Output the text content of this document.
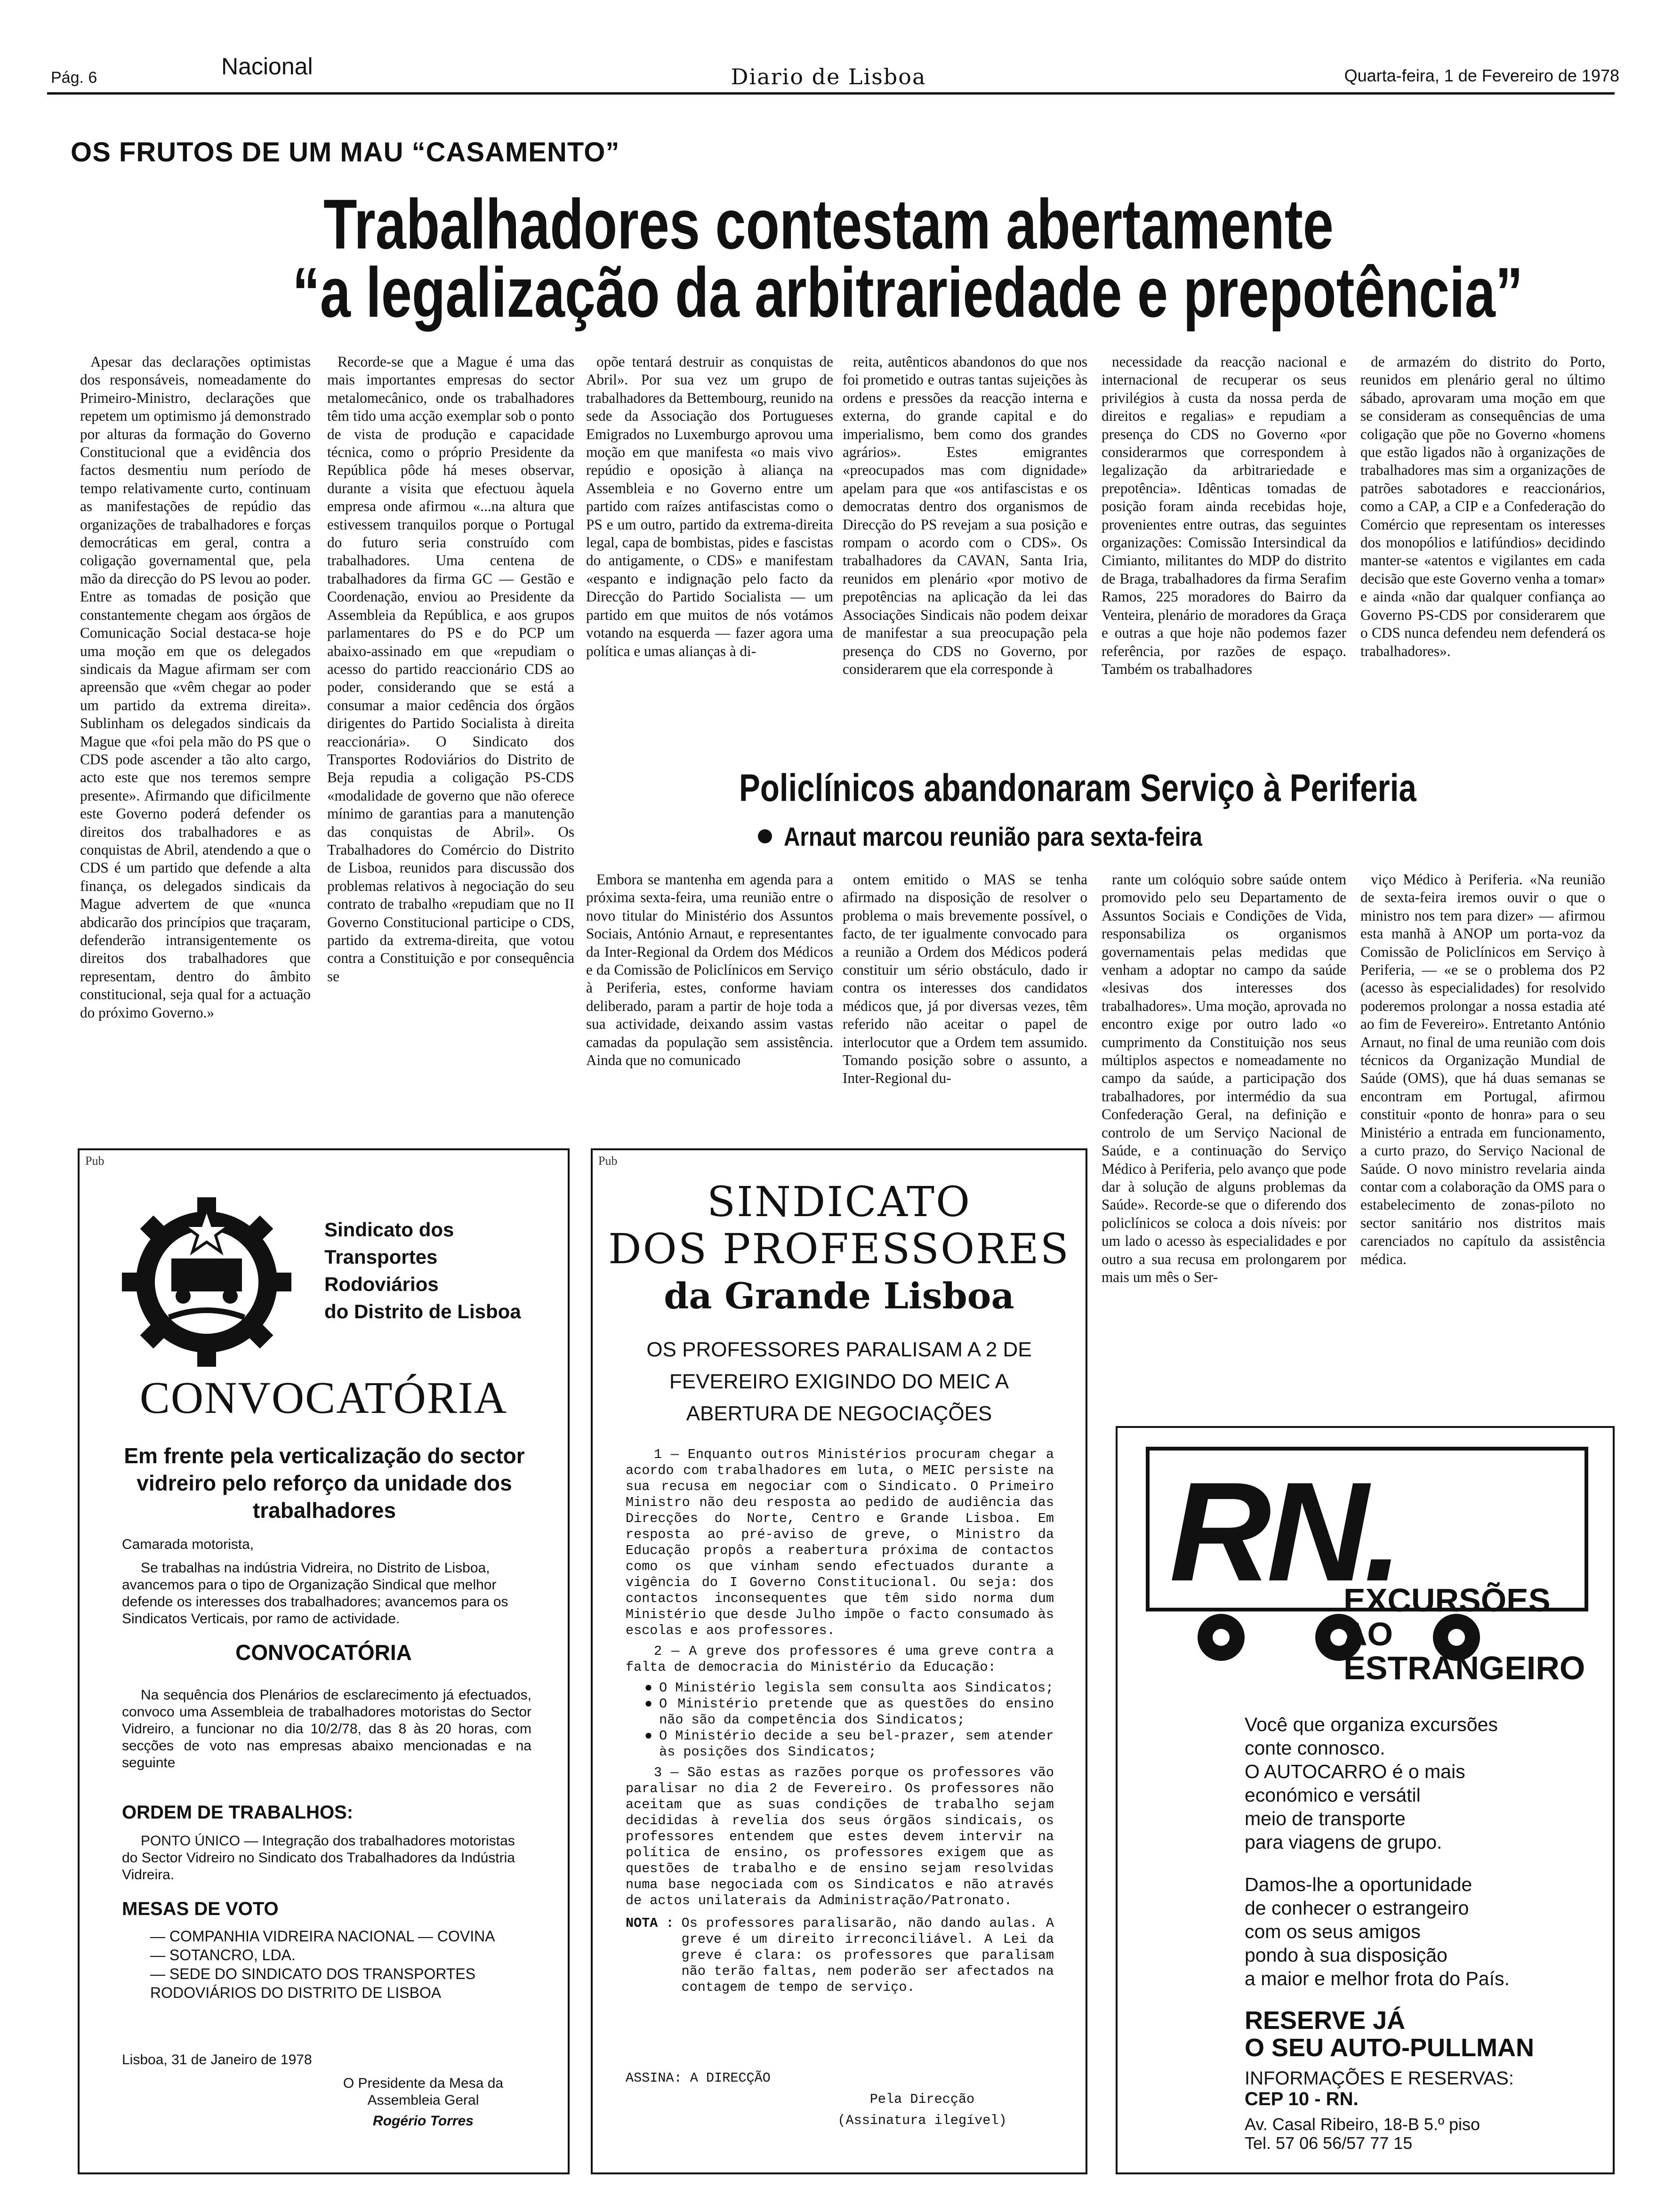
Pág. 6	Nacional	Diario de Lisboa	Quarta-feira, 1 de Fevereiro de 1978
OS FRUTOS DE UM MAU “CASAMENTO”
Trabalhadores contestam abertamente
“a legalização da arbitrariedade e prepotência”

Apesar das declarações optimistas dos responsáveis, nomeadamente do Primeiro-Ministro, declarações que repetem um optimismo já demonstrado por alturas da formação do Governo Constitucional que a evidência dos factos desmentiu num período de tempo relativamente curto, continuam as manifestações de repúdio das organizações de trabalhadores e forças democráticas em geral, contra a coligação governamental que, pela mão da direcção do PS levou ao poder. Entre as tomadas de posição que constantemente chegam aos órgãos de Comunicação Social destaca-se hoje uma moção em que os delegados sindicais da Mague afirmam ser com apreensão que «vêm chegar ao poder um partido da extrema direita». Sublinham os delegados sindicais da Mague que «foi pela mão do PS que o CDS pode ascender a tão alto cargo, acto este que nos teremos sempre presente». Afirmando que dificilmente este Governo poderá defender os direitos dos trabalhadores e as conquistas de Abril, atendendo a que o CDS é um partido que defende a alta finança, os delegados sindicais da Mague advertem de que «nunca abdicarão dos princípios que traçaram, defenderão intransigentemente os direitos dos trabalhadores que representam, dentro do âmbito constitucional, seja qual for a actuação do próximo Governo.»

Recorde-se que a Mague é uma das mais importantes empresas do sector metalomecânico, onde os trabalhadores têm tido uma acção exemplar sob o ponto de vista de produção e capacidade técnica, como o próprio Presidente da República pôde há meses observar, durante a visita que efectuou àquela empresa onde afirmou «...na altura que estivessem tranquilos porque o Portugal do futuro seria construído com trabalhadores. Uma centena de trabalhadores da firma GC — Gestão e Coordenação, enviou ao Presidente da Assembleia da República, e aos grupos parlamentares do PS e do PCP um abaixo-assinado em que «repudiam o acesso do partido reaccionário CDS ao poder, considerando que se está a consumar a maior cedência dos órgãos dirigentes do Partido Socialista à direita reaccionária». O Sindicato dos Transportes Rodoviários do Distrito de Beja repudia a coligação PS-CDS «modalidade de governo que não oferece mínimo de garantias para a manutenção das conquistas de Abril». Os Trabalhadores do Comércio do Distrito de Lisboa, reunidos para discussão dos problemas relativos à negociação do seu contrato de trabalho «repudiam que no II Governo Constitucional participe o CDS, partido da extrema-direita, que votou contra a Constituição e por consequência se

opõe tentará destruir as conquistas de Abril». Por sua vez um grupo de trabalhadores da Bettembourg, reunido na sede da Associação dos Portugueses Emigrados no Luxemburgo aprovou uma moção em que manifesta «o mais vivo repúdio e oposição à aliança na Assembleia e no Governo entre um partido com raízes antifascistas como o PS e um outro, partido da extrema-direita legal, capa de bombistas, pides e fascistas do antigamente, o CDS» e manifestam «espanto e indignação pelo facto da Direcção do Partido Socialista — um partido em que muitos de nós votámos votando na esquerda — fazer agora uma política e umas alianças à di-

reita, autênticos abandonos do que nos foi prometido e outras tantas sujeições às ordens e pressões da reacção interna e externa, do grande capital e do imperialismo, bem como dos grandes agrários». Estes emigrantes «preocupados mas com dignidade» apelam para que «os antifascistas e os democratas dentro dos organismos de Direcção do PS revejam a sua posição e rompam o acordo com o CDS». Os trabalhadores da CAVAN, Santa Iria, reunidos em plenário «por motivo de prepotências na aplicação da lei das Associações Sindicais não podem deixar de manifestar a sua preocupação pela presença do CDS no Governo, por considerarem que ela corresponde à

necessidade da reacção nacional e internacional de recuperar os seus privilégios à custa da nossa perda de direitos e regalias» e repudiam a presença do CDS no Governo «por considerarmos que correspondem à legalização da arbitrariedade e prepotência». Idênticas tomadas de posição foram ainda recebidas hoje, provenientes entre outras, das seguintes organizações: Comissão Intersindical da Cimianto, militantes do MDP do distrito de Braga, trabalhadores da firma Serafim Ramos, 225 moradores do Bairro da Venteira, plenário de moradores da Graça e outras a que hoje não podemos fazer referência, por razões de espaço. Também os trabalhadores

de armazém do distrito do Porto, reunidos em plenário geral no último sábado, aprovaram uma moção em que se consideram as consequências de uma coligação que põe no Governo «homens que estão ligados não à organizações de trabalhadores mas sim a organizações de patrões sabotadores e reaccionários, como a CAP, a CIP e a Confederação do Comércio que representam os interesses dos monopólios e latifúndios» decidindo manter-se «atentos e vigilantes em cada decisão que este Governo venha a tomar» e ainda «não dar qualquer confiança ao Governo PS-CDS por considerarem que o CDS nunca defendeu nem defenderá os trabalhadores».

Policlínicos abandonaram Serviço à Periferia
Arnaut marcou reunião para sexta-feira

Embora se mantenha em agenda para a próxima sexta-feira, uma reunião entre o novo titular do Ministério dos Assuntos Sociais, António Arnaut, e representantes da Inter-Regional da Ordem dos Médicos e da Comissão de Policlínicos em Serviço à Periferia, estes, conforme haviam deliberado, param a partir de hoje toda a sua actividade, deixando assim vastas camadas da população sem assistência. Ainda que no comunicado

ontem emitido o MAS se tenha afirmado na disposição de resolver o problema o mais brevemente possível, o facto, de ter igualmente convocado para a reunião a Ordem dos Médicos poderá constituir um sério obstáculo, dado ir contra os interesses dos candidatos médicos que, já por diversas vezes, têm referido não aceitar o papel de interlocutor que a Ordem tem assumido. Tomando posição sobre o assunto, a Inter-Regional du-

rante um colóquio sobre saúde ontem promovido pelo seu Departamento de Assuntos Sociais e Condições de Vida, responsabiliza os organismos governamentais pelas medidas que venham a adoptar no campo da saúde «lesivas dos interesses dos trabalhadores». Uma moção, aprovada no encontro exige por outro lado «o cumprimento da Constituição nos seus múltiplos aspectos e nomeadamente no campo da saúde, a participação dos trabalhadores, por intermédio da sua Confederação Geral, na definição e controlo de um Serviço Nacional de Saúde, e a continuação do Serviço Médico à Periferia, pelo avanço que pode dar à solução de alguns problemas da Saúde». Recorde-se que o diferendo dos policlínicos se coloca a dois níveis: por um lado o acesso às especialidades e por outro a sua recusa em prolongarem por mais um mês o Ser-

viço Médico à Periferia. «Na reunião de sexta-feira iremos ouvir o que o ministro nos tem para dizer» — afirmou esta manhã à ANOP um porta-voz da Comissão de Policlínicos em Serviço à Periferia, — «e se o problema dos P2 (acesso às especialidades) for resolvido poderemos prolongar a nossa estadia até ao fim de Fevereiro». Entretanto António Arnaut, no final de uma reunião com dois técnicos da Organização Mundial de Saúde (OMS), que há duas semanas se encontram em Portugal, afirmou constituir «ponto de honra» para o seu Ministério a entrada em funcionamento, a curto prazo, do Serviço Nacional de Saúde. O novo ministro revelaria ainda contar com a colaboração da OMS para o estabelecimento de zonas-piloto no sector sanitário nos distritos mais carenciados no capítulo da assistência médica.

Pub
Sindicato dos Transportes
Rodoviários
do Distrito de Lisboa
CONVOCATÓRIA
Em frente pela verticalização do sector vidreiro pelo reforço da unidade dos trabalhadores
Camarada motorista,
Se trabalhas na indústria Vidreira, no Distrito de Lisboa, avancemos para o tipo de Organização Sindical que melhor defende os interesses dos trabalhadores; avancemos para os Sindicatos Verticais, por ramo de actividade.
CONVOCATÓRIA
Na sequência dos Plenários de esclarecimento já efectuados, convoco uma Assembleia de trabalhadores motoristas do Sector Vidreiro, a funcionar no dia 10/2/78, das 8 às 20 horas, com secções de voto nas empresas abaixo mencionadas e na seguinte
ORDEM DE TRABALHOS:
PONTO ÚNICO — Integração dos trabalhadores motoristas do Sector Vidreiro no Sindicato dos Trabalhadores da Indústria Vidreira.
MESAS DE VOTO
— COMPANHIA VIDREIRA NACIONAL — COVINA
— SOTANCRO, LDA.
— SEDE DO SINDICATO DOS TRANSPORTES RODOVIÁRIOS DO DISTRITO DE LISBOA
Lisboa, 31 de Janeiro de 1978
O Presidente da Mesa da
Assembleia Geral
Rogério Torres
Pub
SINDICATO
DOS PROFESSORES
da Grande Lisboa
OS PROFESSORES PARALISAM A 2 DE FEVEREIRO EXIGINDO DO MEIC A ABERTURA DE NEGOCIAÇÕES

1 — Enquanto outros Ministérios procuram chegar a acordo com trabalhadores em luta, o MEIC persiste na sua recusa em negociar com o Sindicato. O Primeiro Ministro não deu resposta ao pedido de audiência das Direcções do Norte, Centro e Grande Lisboa. Em resposta ao pré-aviso de greve, o Ministro da Educação propôs a reabertura próxima de contactos como os que vinham sendo efectuados durante a vigência do I Governo Constitucional. Ou seja: dos contactos inconsequentes que têm sido norma dum Ministério que desde Julho impõe o facto consumado às escolas e aos professores.

2 — A greve dos professores é uma greve contra a falta de democracia do Ministério da Educação:

● O Ministério legisla sem consulta aos Sindicatos;
● O Ministério pretende que as questões do ensino não são da competência dos Sindicatos;
● O Ministério decide a seu bel-prazer, sem atender às posições dos Sindicatos;

3 — São estas as razões porque os professores vão paralisar no dia 2 de Fevereiro. Os professores não aceitam que as suas condições de trabalho sejam decididas à revelia dos seus órgãos sindicais, os professores entendem que estes devem intervir na política de ensino, os professores exigem que as questões de trabalho e de ensino sejam resolvidas numa base negociada com os Sindicatos e não através de actos unilaterais da Administração/Patronato.

NOTA : Os professores paralisarão, não dando aulas. A greve é um direito irreconciliável. A Lei da greve é clara: os professores que paralisam não terão faltas, nem poderão ser afectados na contagem de tempo de serviço.
ASSINA: A DIRECÇÃO
Pela Direcção
(Assinatura ilegível)
RN.
EXCURSÕES
AO
ESTRANGEIRO
Você que organiza excursões
conte connosco.
O AUTOCARRO é o mais
económico e versátil
meio de transporte
para viagens de grupo.
Damos-lhe a oportunidade
de conhecer o estrangeiro
com os seus amigos
pondo à sua disposição
a maior e melhor frota do País.
RESERVE JÁ
O SEU AUTO-PULLMAN
INFORMAÇÕES E RESERVAS:
CEP 10 - RN.
Av. Casal Ribeiro, 18-B 5.º piso
Tel. 57 06 56/57 77 15
